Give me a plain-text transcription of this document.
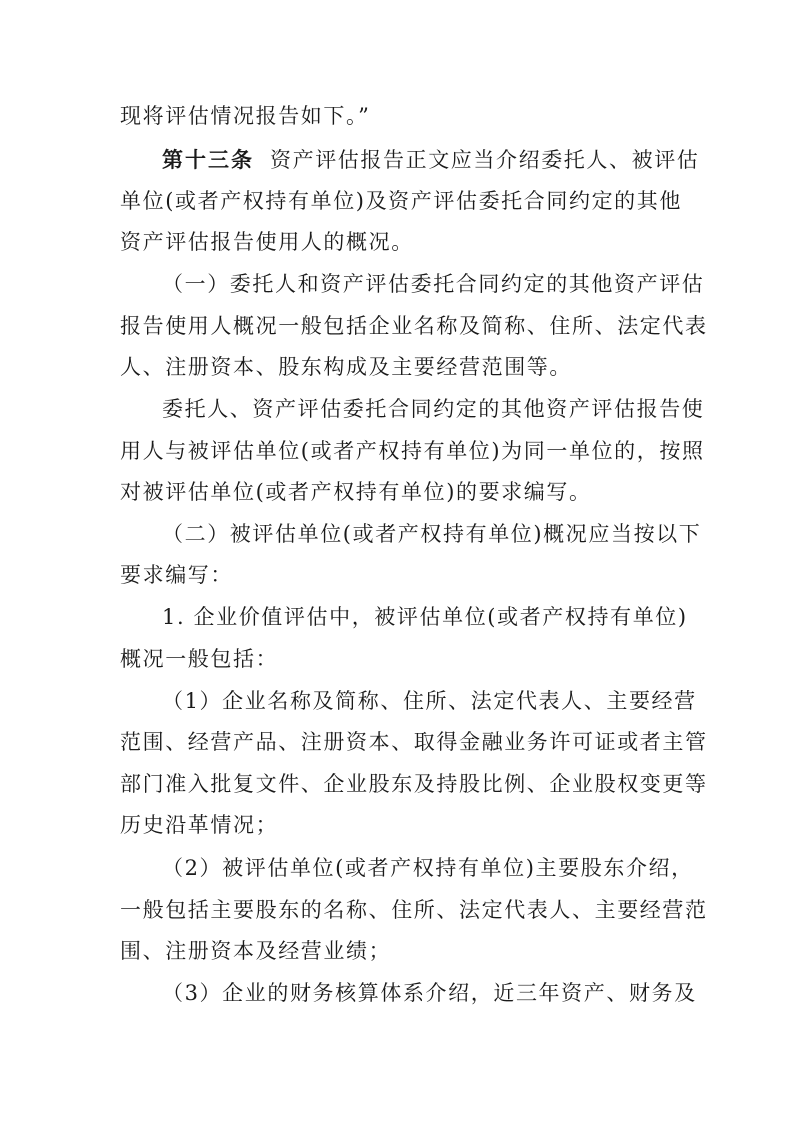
现将评估情况报告如下。”

第十三条 资产评估报告正文应当介绍委托人、被评估

单位(或者产权持有单位)及资产评估委托合同约定的其他

资产评估报告使用人的概况。

（一）委托人和资产评估委托合同约定的其他资产评估

报告使用人概况一般包括企业名称及简称、住所、法定代表

人、注册资本、股东构成及主要经营范围等。

委托人、资产评估委托合同约定的其他资产评估报告使

用人与被评估单位(或者产权持有单位)为同一单位的，按照

对被评估单位(或者产权持有单位)的要求编写。

（二）被评估单位(或者产权持有单位)概况应当按以下

要求编写：

1. 企业价值评估中，被评估单位(或者产权持有单位)

概况一般包括：

（1）企业名称及简称、住所、法定代表人、主要经营

范围、经营产品、注册资本、取得金融业务许可证或者主管

部门准入批复文件、企业股东及持股比例、企业股权变更等

历史沿革情况；

（2）被评估单位(或者产权持有单位)主要股东介绍，

一般包括主要股东的名称、住所、法定代表人、主要经营范

围、注册资本及经营业绩；

（3）企业的财务核算体系介绍，近三年资产、财务及
